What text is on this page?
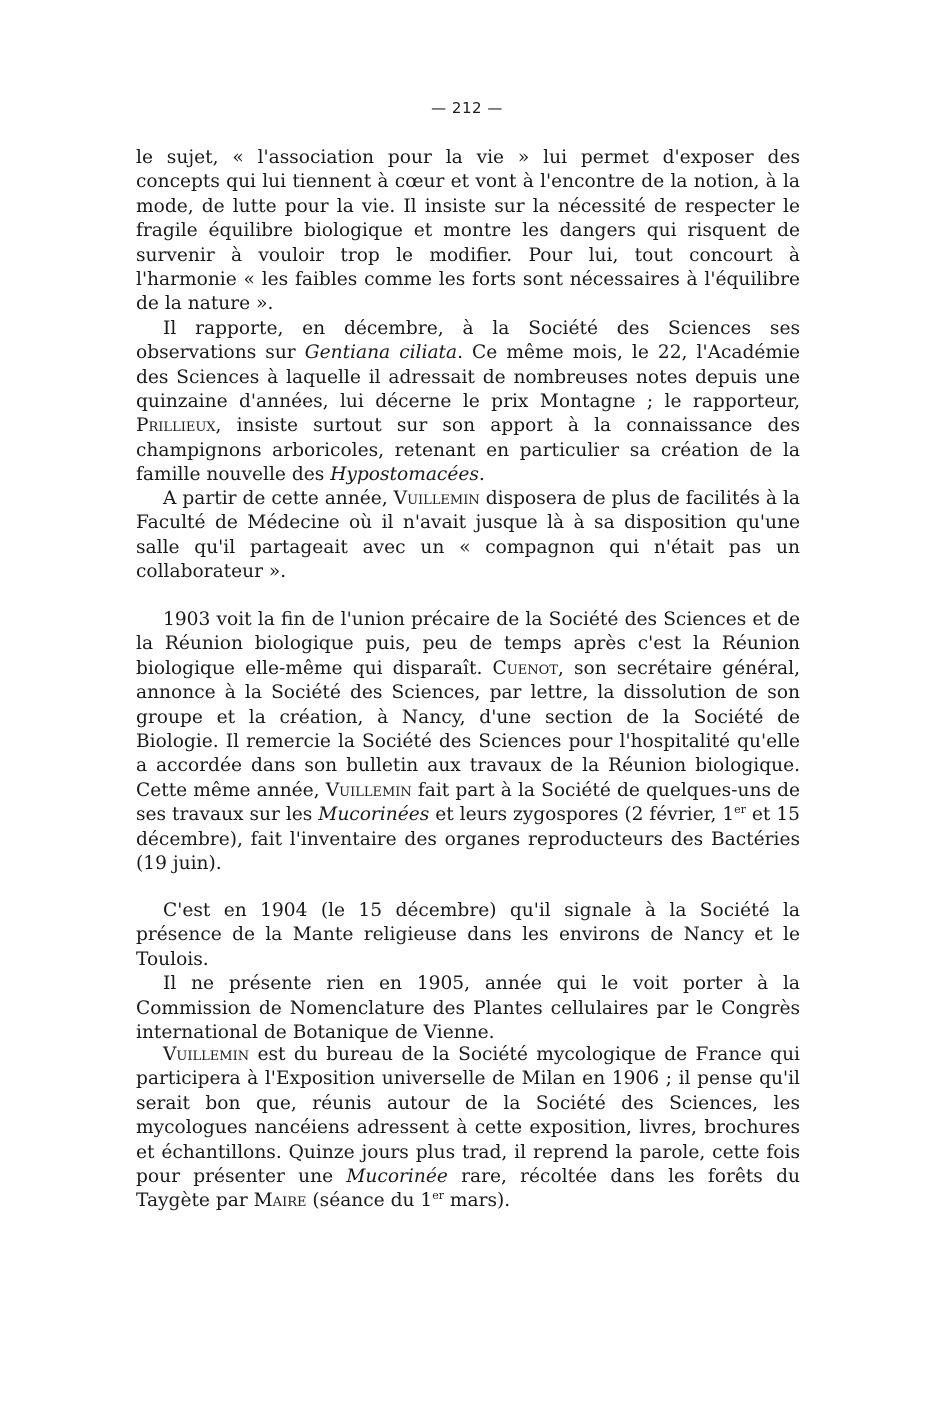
— 212 —

le sujet, « l'association pour la vie » lui permet d'exposer des concepts qui lui tiennent à cœur et vont à l'encontre de la notion, à la mode, de lutte pour la vie. Il insiste sur la nécessité de respecter le fragile équilibre biologique et montre les dangers qui risquent de survenir à vouloir trop le modifier. Pour lui, tout concourt à l'harmonie « les faibles comme les forts sont nécessaires à l'équilibre de la nature ».

Il rapporte, en décembre, à la Société des Sciences ses observations sur Gentiana ciliata. Ce même mois, le 22, l'Académie des Sciences à laquelle il adressait de nombreuses notes depuis une quinzaine d'années, lui décerne le prix Montagne ; le rapporteur, Prillieux, insiste surtout sur son apport à la connaissance des champignons arboricoles, retenant en particulier sa création de la famille nouvelle des Hypostomacées.

A partir de cette année, Vuillemin disposera de plus de facilités à la Faculté de Médecine où il n'avait jusque là à sa disposition qu'une salle qu'il partageait avec un « compagnon qui n'était pas un collaborateur ».

1903 voit la fin de l'union précaire de la Société des Sciences et de la Réunion biologique puis, peu de temps après c'est la Réunion biologique elle-même qui disparaît. Cuenot, son secrétaire général, annonce à la Société des Sciences, par lettre, la dissolution de son groupe et la création, à Nancy, d'une section de la Société de Biologie. Il remercie la Société des Sciences pour l'hospitalité qu'elle a accordée dans son bulletin aux travaux de la Réunion biologique. Cette même année, Vuillemin fait part à la Société de quelques-uns de ses travaux sur les Mucorinées et leurs zygospores (2 février, 1er et 15 décembre), fait l'inventaire des organes reproducteurs des Bactéries (19 juin).

C'est en 1904 (le 15 décembre) qu'il signale à la Société la présence de la Mante religieuse dans les environs de Nancy et le Toulois.

Il ne présente rien en 1905, année qui le voit porter à la Commission de Nomenclature des Plantes cellulaires par le Congrès international de Botanique de Vienne.

Vuillemin est du bureau de la Société mycologique de France qui participera à l'Exposition universelle de Milan en 1906 ; il pense qu'il serait bon que, réunis autour de la Société des Sciences, les mycologues nancéiens adressent à cette exposition, livres, brochures et échantillons. Quinze jours plus trad, il reprend la parole, cette fois pour présenter une Mucorinée rare, récoltée dans les forêts du Taygète par Maire (séance du 1er mars).
